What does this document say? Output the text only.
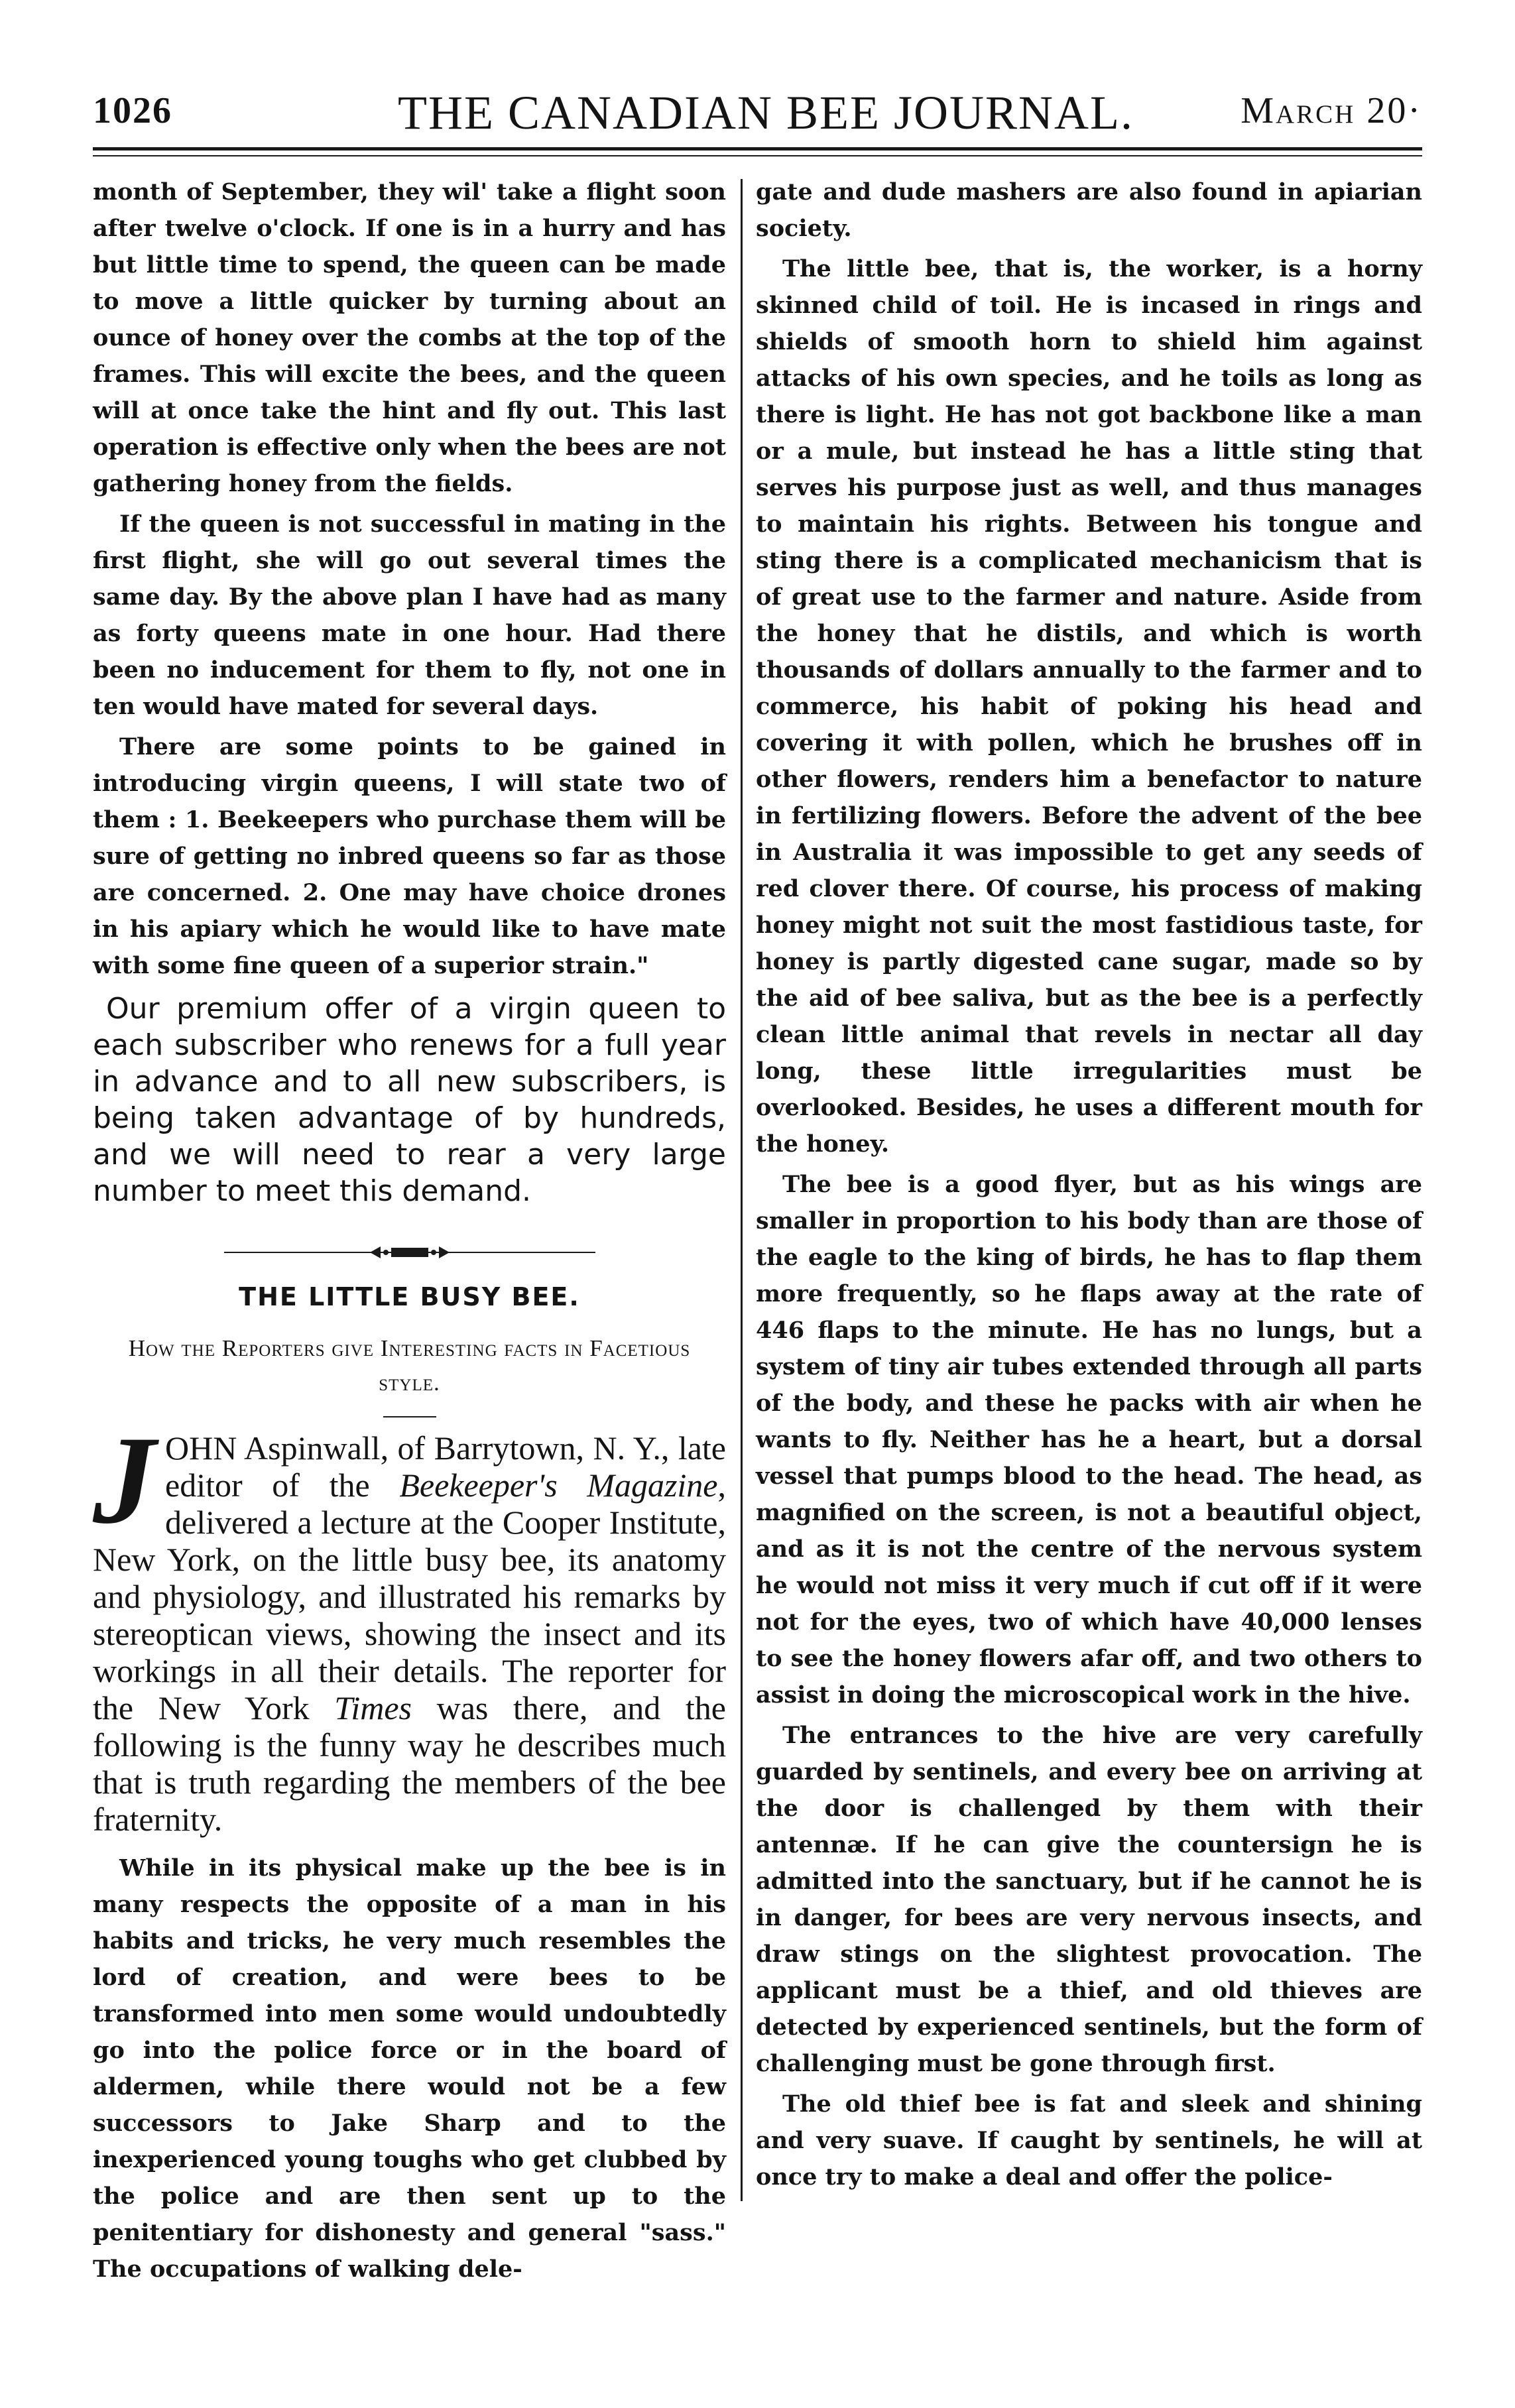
1026	THE CANADIAN BEE JOURNAL.	March 20·

month of September, they wil' take a flight soon after twelve o'clock. If one is in a hurry and has but little time to spend, the queen can be made to move a little quicker by turning about an ounce of honey over the combs at the top of the frames. This will excite the bees, and the queen will at once take the hint and fly out. This last operation is effective only when the bees are not gathering honey from the fields.

If the queen is not successful in mating in the first flight, she will go out several times the same day. By the above plan I have had as many as forty queens mate in one hour. Had there been no inducement for them to fly, not one in ten would have mated for several days.

There are some points to be gained in introducing virgin queens, I will state two of them : 1. Beekeepers who purchase them will be sure of getting no inbred queens so far as those are concerned. 2. One may have choice drones in his apiary which he would like to have mate with some fine queen of a superior strain."

Our premium offer of a virgin queen to each subscriber who renews for a full year in advance and to all new subscribers, is being taken advantage of by hundreds, and we will need to rear a very large number to meet this demand.

THE LITTLE BUSY BEE.
How the Reporters give Interesting facts in Facetious style.

JOHN Aspinwall, of Barrytown, N. Y., late editor of the Beekeeper's Magazine, delivered a lecture at the Cooper Institute, New York, on the little busy bee, its anatomy and physiology, and illustrated his remarks by stereoptican views, showing the insect and its workings in all their details. The reporter for the New York Times was there, and the following is the funny way he describes much that is truth regarding the members of the bee fraternity.

While in its physical make up the bee is in many respects the opposite of a man in his habits and tricks, he very much resembles the lord of creation, and were bees to be transformed into men some would undoubtedly go into the police force or in the board of aldermen, while there would not be a few successors to Jake Sharp and to the inexperienced young toughs who get clubbed by the police and are then sent up to the penitentiary for dishonesty and general "sass." The occupations of walking dele-

gate and dude mashers are also found in apiarian society.

The little bee, that is, the worker, is a horny skinned child of toil. He is incased in rings and shields of smooth horn to shield him against attacks of his own species, and he toils as long as there is light. He has not got backbone like a man or a mule, but instead he has a little sting that serves his purpose just as well, and thus manages to maintain his rights. Between his tongue and sting there is a complicated mechanicism that is of great use to the farmer and nature. Aside from the honey that he distils, and which is worth thousands of dollars annually to the farmer and to commerce, his habit of poking his head and covering it with pollen, which he brushes off in other flowers, renders him a benefactor to nature in fertilizing flowers. Before the advent of the bee in Australia it was impossible to get any seeds of red clover there. Of course, his process of making honey might not suit the most fastidious taste, for honey is partly digested cane sugar, made so by the aid of bee saliva, but as the bee is a perfectly clean little animal that revels in nectar all day long, these little irregularities must be overlooked. Besides, he uses a different mouth for the honey.

The bee is a good flyer, but as his wings are smaller in proportion to his body than are those of the eagle to the king of birds, he has to flap them more frequently, so he flaps away at the rate of 446 flaps to the minute. He has no lungs, but a system of tiny air tubes extended through all parts of the body, and these he packs with air when he wants to fly. Neither has he a heart, but a dorsal vessel that pumps blood to the head. The head, as magnified on the screen, is not a beautiful object, and as it is not the centre of the nervous system he would not miss it very much if cut off if it were not for the eyes, two of which have 40,000 lenses to see the honey flowers afar off, and two others to assist in doing the microscopical work in the hive.

The entrances to the hive are very carefully guarded by sentinels, and every bee on arriving at the door is challenged by them with their antennæ. If he can give the countersign he is admitted into the sanctuary, but if he cannot he is in danger, for bees are very nervous insects, and draw stings on the slightest provocation. The applicant must be a thief, and old thieves are detected by experienced sentinels, but the form of challenging must be gone through first.

The old thief bee is fat and sleek and shining and very suave. If caught by sentinels, he will at once try to make a deal and offer the police-
